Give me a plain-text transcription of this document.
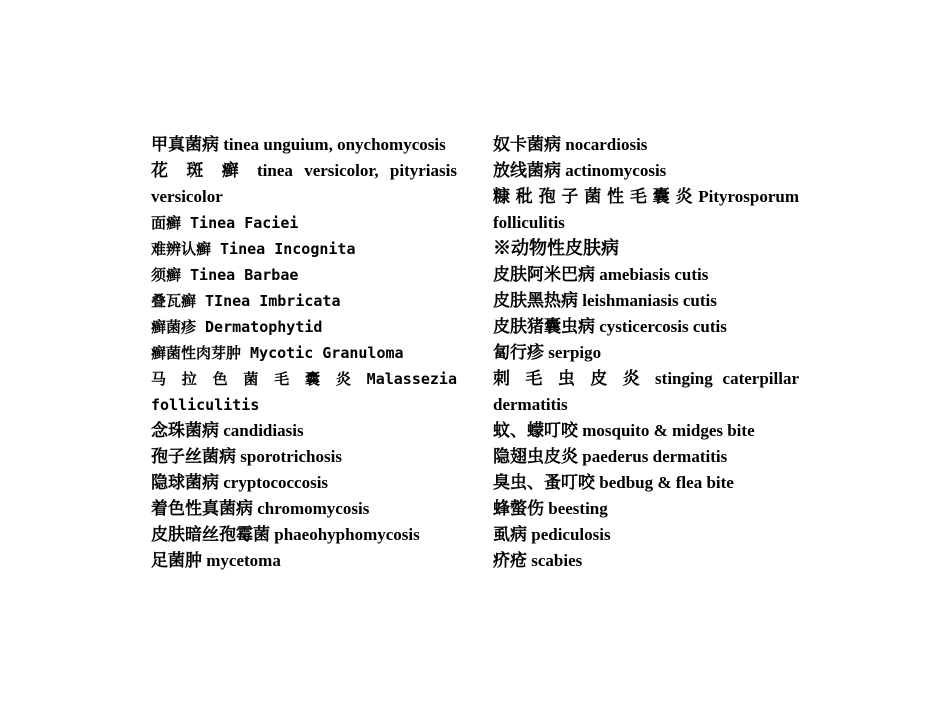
甲真菌病 tinea unguium, onychomycosis
花 斑 癣 tinea versicolor, pityriasis
versicolor
面癣 Tinea Faciei
难辨认癣 Tinea Incognita
须癣 Tinea Barbae
叠瓦癣 TInea Imbricata
癣菌疹 Dermatophytid
癣菌性肉芽肿 Mycotic Granuloma
马 拉 色 菌 毛 囊 炎 Malassezia
folliculitis
念珠菌病 candidiasis
孢子丝菌病 sporotrichosis
隐球菌病 cryptococcosis
着色性真菌病 chromomycosis
皮肤暗丝孢霉菌 phaeohyphomycosis
足菌肿 mycetoma
奴卡菌病 nocardiosis
放线菌病 actinomycosis
糠 秕 孢 子 菌 性 毛 囊 炎 Pityrosporum
folliculitis
※动物性皮肤病
皮肤阿米巴病 amebiasis cutis
皮肤黑热病 leishmaniasis cutis
皮肤猪囊虫病 cysticercosis cutis
匐行疹 serpigo
刺 毛 虫 皮 炎 stinging caterpillar
dermatitis
蚊、蠓叮咬 mosquito & midges bite
隐翅虫皮炎 paederus dermatitis
臭虫、蚤叮咬 bedbug & flea bite
蜂螫伤 beesting
虱病 pediculosis
疥疮 scabies
